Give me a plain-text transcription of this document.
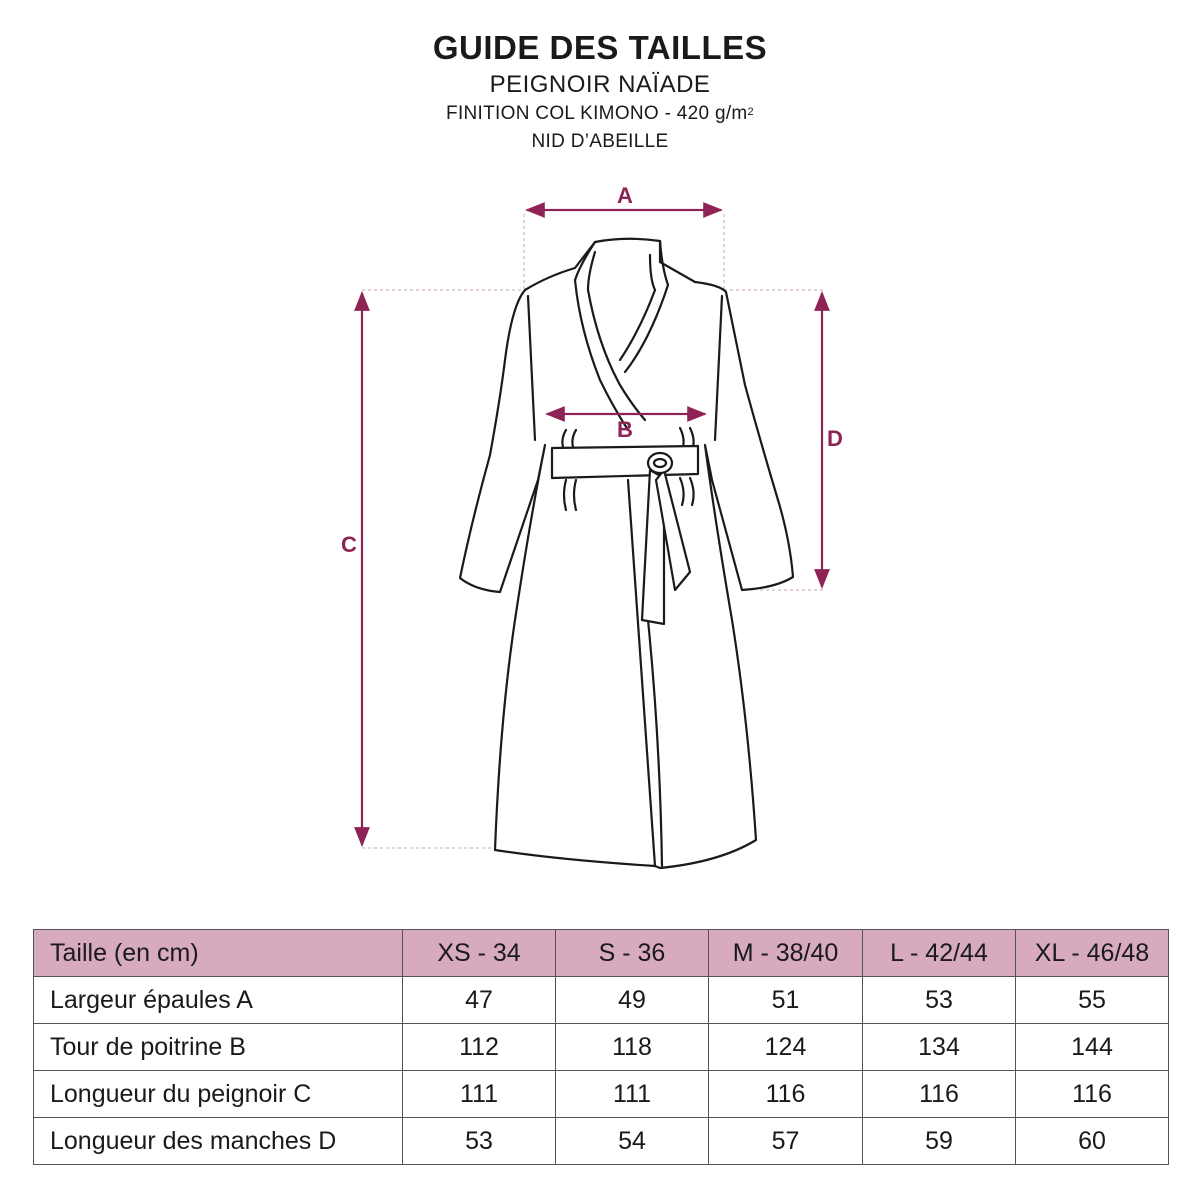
GUIDE DES TAILLES
PEIGNOIR NAÏADE
FINITION COL KIMONO - 420 $g/m^2$
NID D’ABEILLE
A
B
C
D
Taille (en cm)	XS - 34	S - 36	M - 38/40	L - 42/44	XL - 46/48
Largeur épaules A	47	49	51	53	55
Tour de poitrine B	112	118	124	134	144
Longueur du peignoir C	111	111	116	116	116
Longueur des manches D	53	54	57	59	60
